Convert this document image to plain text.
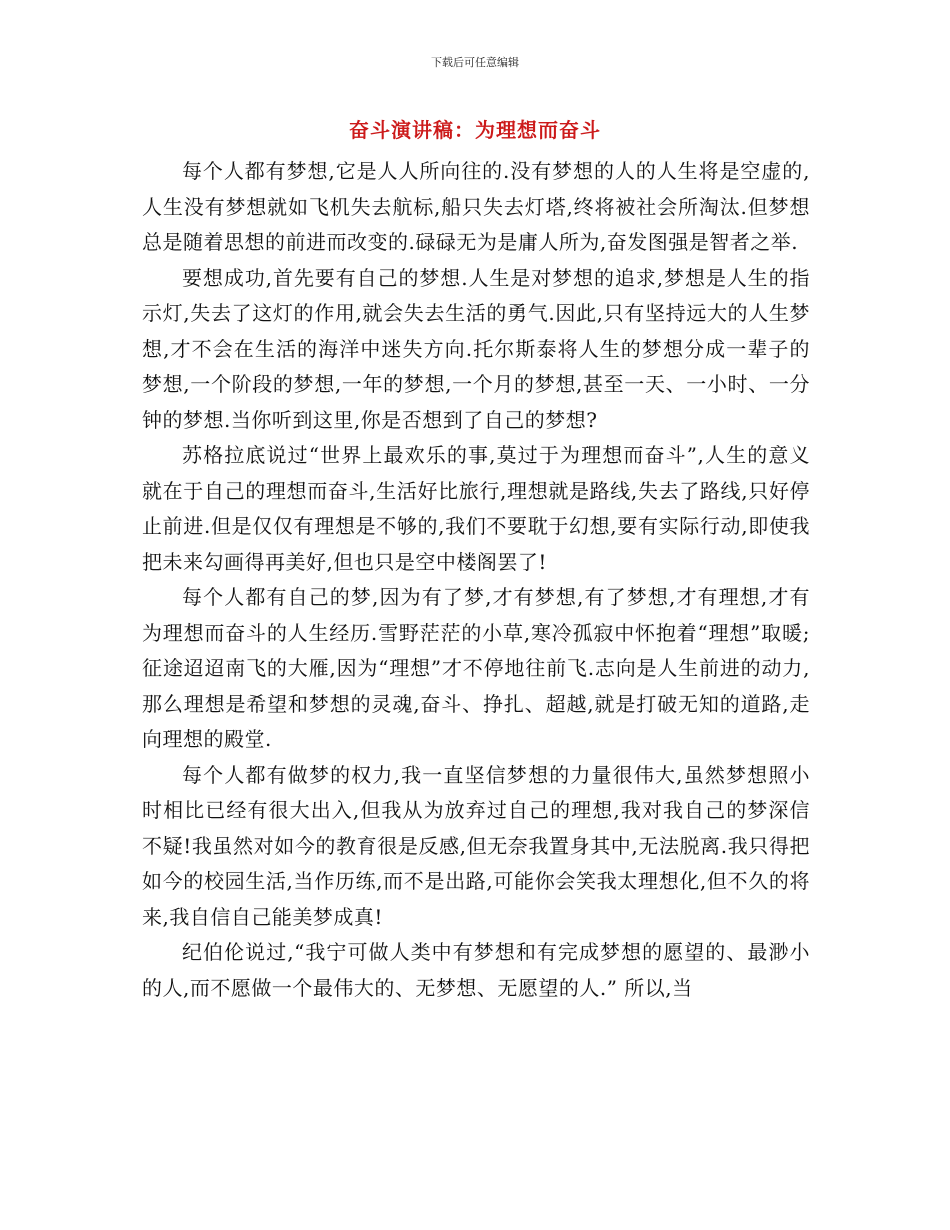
下载后可任意编辑
奋斗演讲稿：为理想而奋斗

每个人都有梦想,它是人人所向往的.没有梦想的人的人生将是空虚的,人生没有梦想就如飞机失去航标,船只失去灯塔,终将被社会所淘汰.但梦想总是随着思想的前进而改变的.碌碌无为是庸人所为,奋发图强是智者之举.

要想成功,首先要有自己的梦想.人生是对梦想的追求,梦想是人生的指示灯,失去了这灯的作用,就会失去生活的勇气.因此,只有坚持远大的人生梦想,才不会在生活的海洋中迷失方向.托尔斯泰将人生的梦想分成一辈子的梦想,一个阶段的梦想,一年的梦想,一个月的梦想,甚至一天、一小时、一分钟的梦想.当你听到这里,你是否想到了自己的梦想?

苏格拉底说过“世界上最欢乐的事,莫过于为理想而奋斗”,人生的意义就在于自己的理想而奋斗,生活好比旅行,理想就是路线,失去了路线,只好停止前进.但是仅仅有理想是不够的,我们不要耽于幻想,要有实际行动,即使我把未来勾画得再美好,但也只是空中楼阁罢了!

每个人都有自己的梦,因为有了梦,才有梦想,有了梦想,才有理想,才有为理想而奋斗的人生经历.雪野茫茫的小草,寒冷孤寂中怀抱着“理想”取暖;征途迢迢南飞的大雁,因为“理想”才不停地往前飞.志向是人生前进的动力,那么理想是希望和梦想的灵魂,奋斗、挣扎、超越,就是打破无知的道路,走向理想的殿堂.

每个人都有做梦的权力,我一直坚信梦想的力量很伟大,虽然梦想照小时相比已经有很大出入,但我从为放弃过自己的理想,我对我自己的梦深信不疑!我虽然对如今的教育很是反感,但无奈我置身其中,无法脱离.我只得把如今的校园生活,当作历练,而不是出路,可能你会笑我太理想化,但不久的将来,我自信自己能美梦成真!

纪伯伦说过,“我宁可做人类中有梦想和有完成梦想的愿望的、最渺小的人,而不愿做一个最伟大的、无梦想、无愿望的人.” 所以,当
